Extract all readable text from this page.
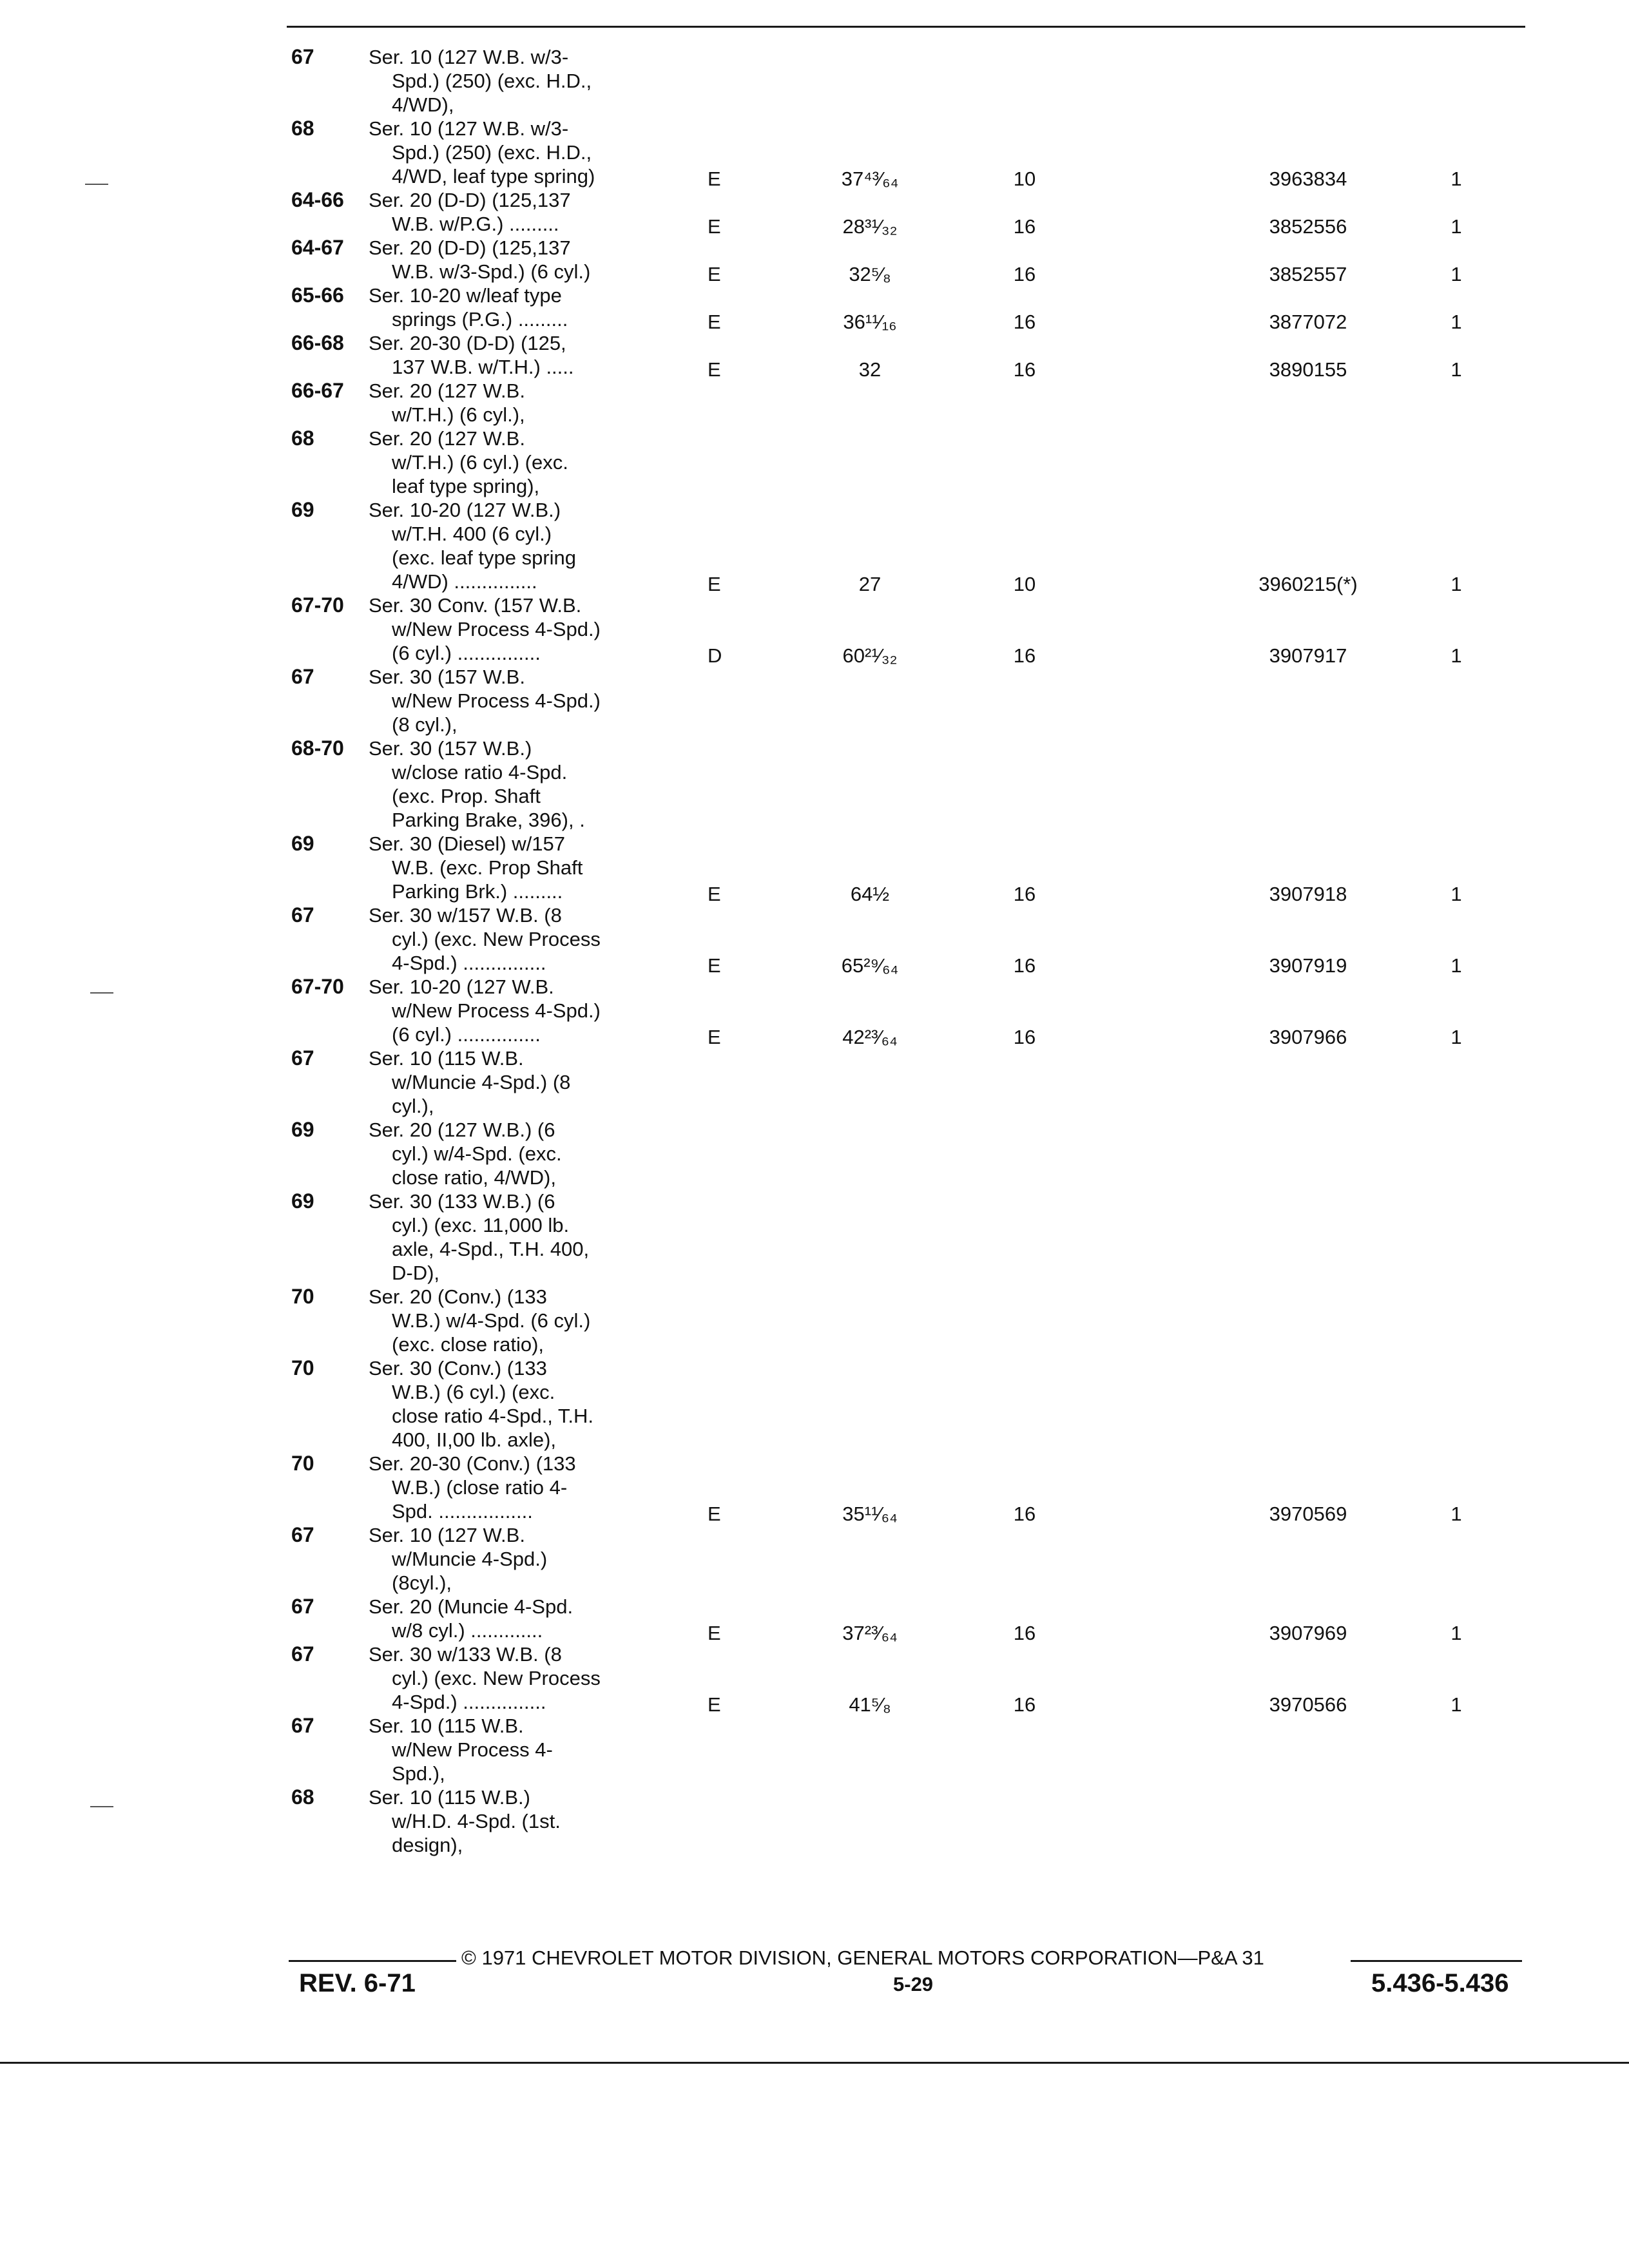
67	Ser. 10 (127 W.B. w/3-
Spd.) (250) (exc. H.D.,
4/WD),
68	Ser. 10 (127 W.B. w/3-
Spd.) (250) (exc. H.D.,
4/WD, leaf type spring)	E	37⁴³⁄₆₄	10	3963834	1
64-66 Ser. 20 (D-D) (125,137
W.B. w/P.G.) .........	E	28³¹⁄₃₂	16	3852556	1
64-67 Ser. 20 (D-D) (125,137
W.B. w/3-Spd.) (6 cyl.)	E	32⁵⁄₈	16	3852557	1
65-66 Ser. 10-20 w/leaf type
springs (P.G.) .........	E	36¹¹⁄₁₆	16	3877072	1
66-68 Ser. 20-30 (D-D) (125,
137 W.B. w/T.H.) .....	E	32	16	3890155	1
66-67 Ser. 20 (127 W.B.
w/T.H.) (6 cyl.),
68	Ser. 20 (127 W.B.
w/T.H.) (6 cyl.) (exc.
leaf type spring),
69	Ser. 10-20 (127 W.B.)
w/T.H. 400 (6 cyl.)
(exc. leaf type spring
4/WD) ...............	E	27	10	3960215(*)	1
67-70 Ser. 30 Conv. (157 W.B.
w/New Process 4-Spd.)
(6 cyl.) ...............	D	60²¹⁄₃₂	16	3907917	1
67	Ser. 30 (157 W.B.
w/New Process 4-Spd.)
(8 cyl.),
68-70 Ser. 30 (157 W.B.)
w/close ratio 4-Spd.
(exc. Prop. Shaft
Parking Brake, 396), .
69	Ser. 30 (Diesel) w/157
W.B. (exc. Prop Shaft
Parking Brk.) .........	E	64½	16	3907918	1
67	Ser. 30 w/157 W.B. (8
cyl.) (exc. New Process
4-Spd.) ...............	E	65²⁹⁄₆₄	16	3907919	1
67-70 Ser. 10-20 (127 W.B.
w/New Process 4-Spd.)
(6 cyl.) ...............	E	42²³⁄₆₄	16	3907966	1
67	Ser. 10 (115 W.B.
w/Muncie 4-Spd.) (8
cyl.),
69	Ser. 20 (127 W.B.) (6
cyl.) w/4-Spd. (exc.
close ratio, 4/WD),
69	Ser. 30 (133 W.B.) (6
cyl.) (exc. 11,000 lb.
axle, 4-Spd., T.H. 400,
D-D),
70	Ser. 20 (Conv.) (133
W.B.) w/4-Spd. (6 cyl.)
(exc. close ratio),
70	Ser. 30 (Conv.) (133
W.B.) (6 cyl.) (exc.
close ratio 4-Spd., T.H.
400, II,00 lb. axle),
70	Ser. 20-30 (Conv.) (133
W.B.) (close ratio 4-
Spd. .................	E	35¹¹⁄₆₄	16	3970569	1
67	Ser. 10 (127 W.B.
w/Muncie 4-Spd.)
(8cyl.),
67	Ser. 20 (Muncie 4-Spd.
w/8 cyl.) .............	E	37²³⁄₆₄	16	3907969	1
67	Ser. 30 w/133 W.B. (8
cyl.) (exc. New Process
4-Spd.) ...............	E	41⁵⁄₈	16	3970566	1
67	Ser. 10 (115 W.B.
w/New Process 4-
Spd.),
68	Ser. 10 (115 W.B.)
w/H.D. 4-Spd. (1st.
design),
© 1971 CHEVROLET MOTOR DIVISION, GENERAL MOTORS CORPORATION—P&A 31
REV. 6-71	5-29	5.436-5.436
